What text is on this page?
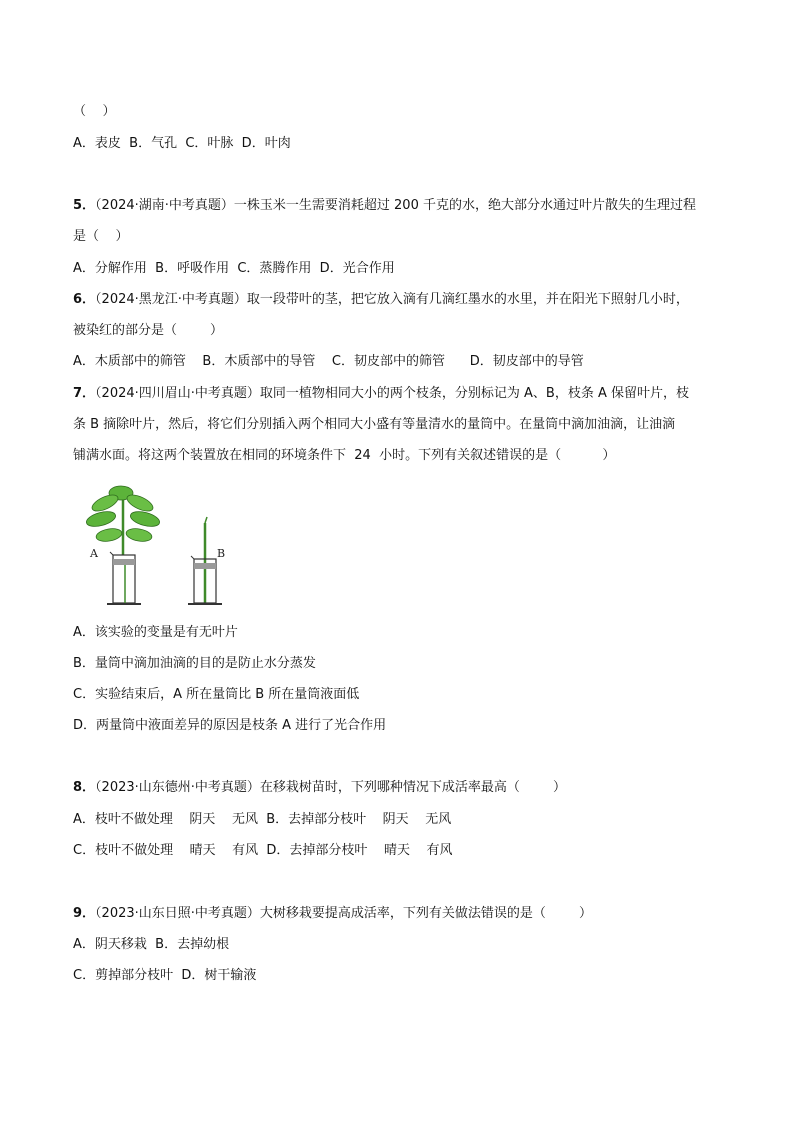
（    ）
A．表皮  B．气孔  C．叶脉  D．叶肉
5．（2024·湖南·中考真题）一株玉米一生需要消耗超过 200 千克的水，绝大部分水通过叶片散失的生理过程
是（    ）
A．分解作用  B．呼吸作用  C．蒸腾作用  D．光合作用
6．（2024·黑龙江·中考真题）取一段带叶的茎，把它放入滴有几滴红墨水的水里，并在阳光下照射几小时，
被染红的部分是（        ）
A．木质部中的筛管    B．木质部中的导管    C．韧皮部中的筛管      D．韧皮部中的导管
7．（2024·四川眉山·中考真题）取同一植物相同大小的两个枝条，分别标记为 A、B，枝条 A 保留叶片，枝
条 B 摘除叶片，然后，将它们分别插入两个相同大小盛有等量清水的量筒中。在量筒中滴加油滴，让油滴
铺满水面。将这两个装置放在相同的环境条件下  24  小时。下列有关叙述错误的是（          ）
A	B
A．该实验的变量是有无叶片
B．量筒中滴加油滴的目的是防止水分蒸发
C．实验结束后，A 所在量筒比 B 所在量筒液面低
D．两量筒中液面差异的原因是枝条 A 进行了光合作用
8．（2023·山东德州·中考真题）在移栽树苗时，下列哪种情况下成活率最高（        ）
A．枝叶不做处理    阴天    无风  B．去掉部分枝叶    阴天    无风
C．枝叶不做处理    晴天    有风  D．去掉部分枝叶    晴天    有风
9．（2023·山东日照·中考真题）大树移栽要提高成活率，下列有关做法错误的是（        ）
A．阴天移栽  B．去掉幼根
C．剪掉部分枝叶  D．树干输液
